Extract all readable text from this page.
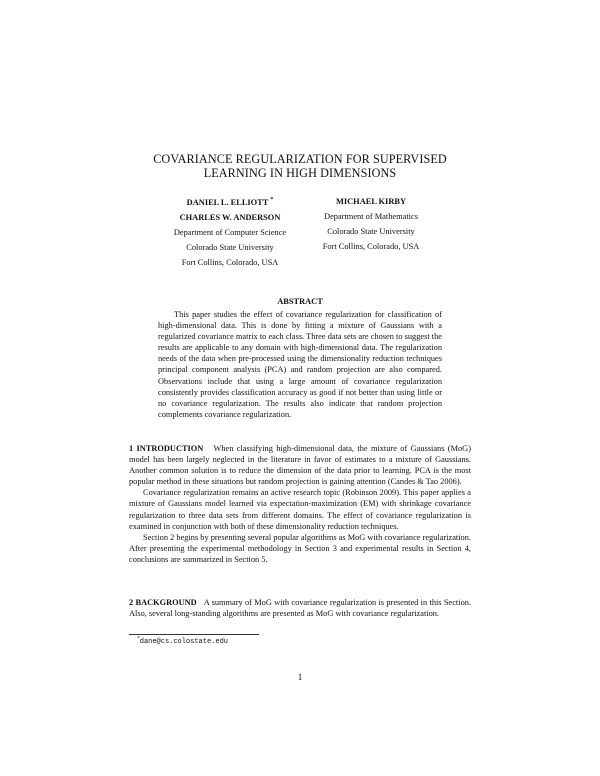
COVARIANCE REGULARIZATION FOR SUPERVISED
LEARNING IN HIGH DIMENSIONS
DANIEL L. ELLIOTT *
CHARLES W. ANDERSON
Department of Computer Science
Colorado State University
Fort Collins, Colorado, USA
MICHAEL KIRBY
Department of Mathematics
Colorado State University
Fort Collins, Colorado, USA
ABSTRACT

This paper studies the effect of covariance regularization for classification of high-dimensional data. This is done by fitting a mixture of Gaussians with a regularized covariance matrix to each class. Three data sets are chosen to suggest the results are applicable to any domain with high-dimensional data. The regularization needs of the data when pre-processed using the dimensionality reduction techniques principal component analysis (PCA) and random projection are also compared. Observations include that using a large amount of covariance regularization consistently provides classification accuracy as good if not better than using little or no covariance regularization. The results also indicate that random projection complements covariance regularization.

1 INTRODUCTION When classifying high-dimensional data, the mixture of Gaussians (MoG) model has been largely neglected in the literature in favor of estimates to a mixture of Gaussians. Another common solution is to reduce the dimension of the data prior to learning. PCA is the most popular method in these situations but random projection is gaining attention (Candes & Tao 2006).

Covariance regularization remains an active research topic (Robinson 2009). This paper applies a mixture of Gaussians model learned via expectation-maximization (EM) with shrinkage covariance regularization to three data sets from different domains. The effect of covariance regularization is examined in conjunction with both of these dimensionality reduction techniques.

Section 2 begins by presenting several popular algorithms as MoG with covariance regularization. After presenting the experimental methodology in Section 3 and experimental results in Section 4, conclusions are summarized in Section 5.

2 BACKGROUND A summary of MoG with covariance regularization is presented in this Section. Also, several long-standing algorithms are presented as MoG with covariance regularization.

*dane@cs.colostate.edu
1
